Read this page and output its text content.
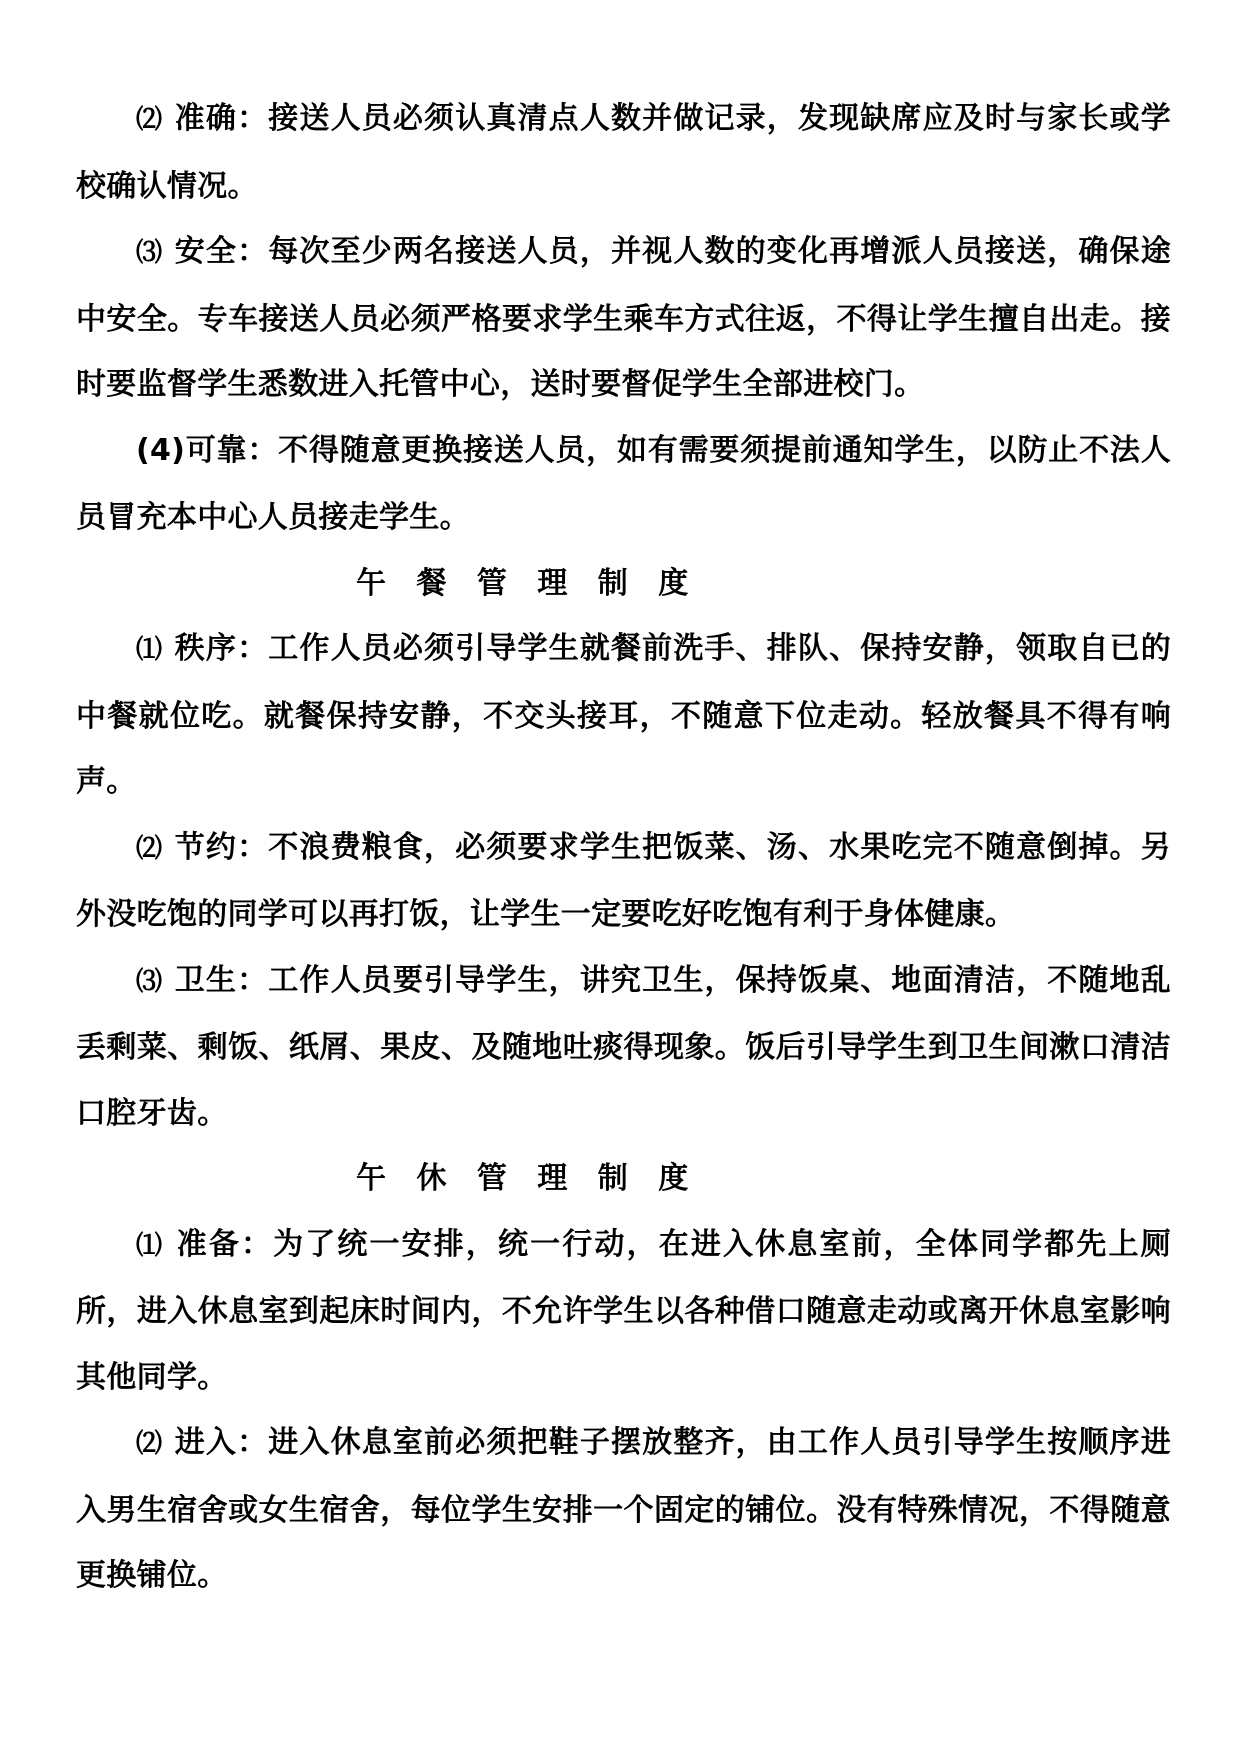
⑵ 准确：接送人员必须认真清点人数并做记录，发现缺席应及时与家长或学校确认情况。

⑶ 安全：每次至少两名接送人员，并视人数的变化再增派人员接送，确保途中安全。专车接送人员必须严格要求学生乘车方式往返，不得让学生擅自出走。接时要监督学生悉数进入托管中心，送时要督促学生全部进校门。

(4)可靠：不得随意更换接送人员，如有需要须提前通知学生，以防止不法人员冒充本中心人员接走学生。

午 餐 管 理 制 度

⑴ 秩序：工作人员必须引导学生就餐前洗手、排队、保持安静，领取自已的中餐就位吃。就餐保持安静，不交头接耳，不随意下位走动。轻放餐具不得有响声。

⑵ 节约：不浪费粮食，必须要求学生把饭菜、汤、水果吃完不随意倒掉。另外没吃饱的同学可以再打饭，让学生一定要吃好吃饱有利于身体健康。

⑶ 卫生：工作人员要引导学生，讲究卫生，保持饭桌、地面清洁，不随地乱丢剩菜、剩饭、纸屑、果皮、及随地吐痰得现象。饭后引导学生到卫生间漱口清洁口腔牙齿。

午 休 管 理 制 度

⑴ 准备：为了统一安排，统一行动，在进入休息室前，全体同学都先上厕所，进入休息室到起床时间内，不允许学生以各种借口随意走动或离开休息室影响其他同学。

⑵ 进入：进入休息室前必须把鞋子摆放整齐，由工作人员引导学生按顺序进入男生宿舍或女生宿舍，每位学生安排一个固定的铺位。没有特殊情况，不得随意更换铺位。
